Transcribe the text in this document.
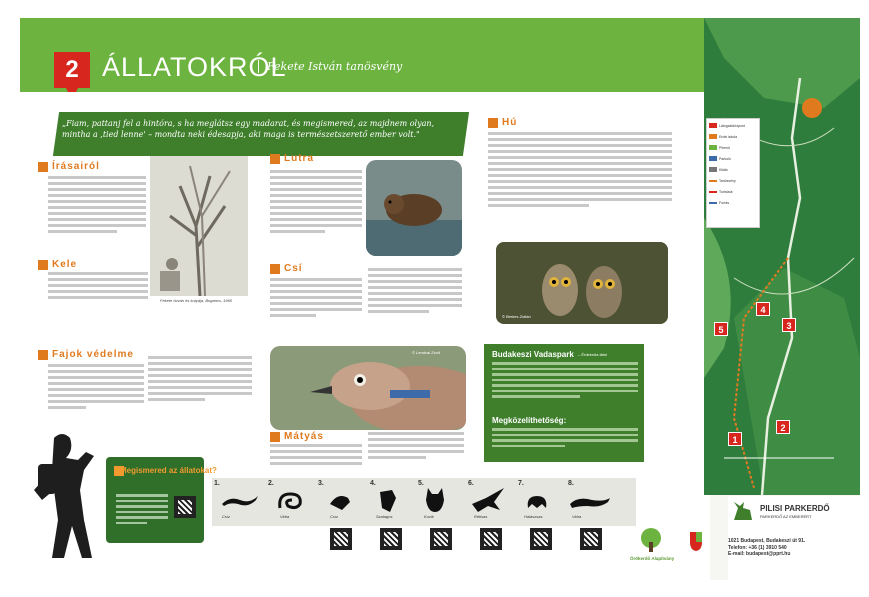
2 ÁLLATOKRÓL
Fekete István tanösvény
„Fiam, pattanj fel a hintóra, s ha meglátsz egy madarat, és megismered, az majdnem olyan, mintha a ,tied lenne' – mondta neki édesapja, aki maga is természetszerető ember volt."
Írásairól
Fekete István és kutyája, Bogáncs, 1960
Kele
Lutra
Csí
Hú
© Berkes Zoltán
Fajok védelme	© Lendvai Zsolt
Mátyás
Budakeszi Vadaspark – Érdekróla látni
Megközelíthetőség:
Látogatóközpont
Erdei iskola
Pihenő
Parkoló
Kilátó
Tanösvény
Turistaút
Forrás
1
2
3
4
5
Megismered az állatokat?
1.	2.	3.	4.	5.	6.	7.	8.
Csíz	Vidra	Csíz	Szalagos	Kuvik	Rétisas	Halászsas	Vidra
Örökerdő Alapítvány
PILISI PARKERDŐ
PARKERDŐ AZ EMBERÉRT
1021 Budapest, Budakeszi út 91.
Telefon: +36 (1) 3910 540
E-mail: budapest@pprt.hu
